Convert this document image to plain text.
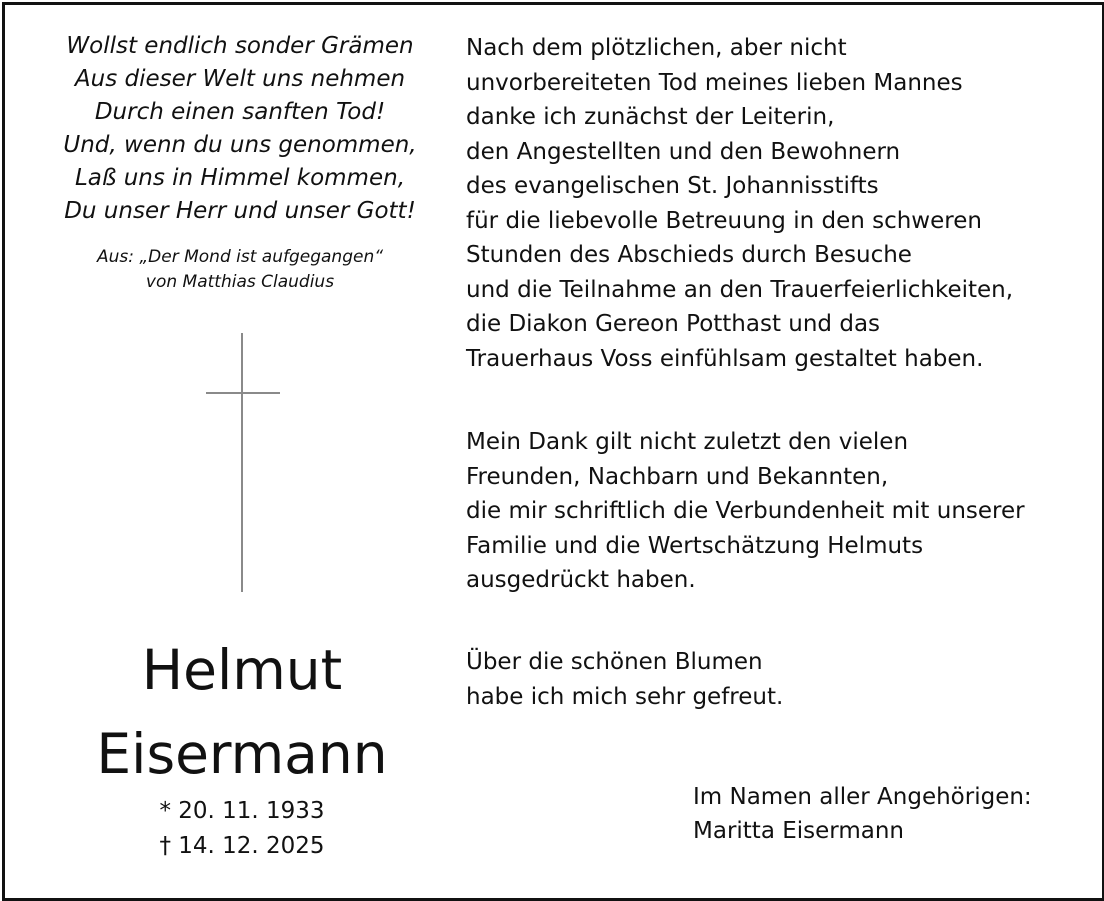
Wollst endlich sonder Grämen
Aus dieser Welt uns nehmen
Durch einen sanften Tod!
Und, wenn du uns genommen,
Laß uns in Himmel kommen,
Du unser Herr und unser Gott!
Aus: „Der Mond ist aufgegangen“
von Matthias Claudius
Helmut
Eisermann
* 20. 11. 1933
† 14. 12. 2025
Nach dem plötzlichen, aber nicht
unvorbereiteten Tod meines lieben Mannes
danke ich zunächst der Leiterin,
den Angestellten und den Bewohnern
des evangelischen St. Johannisstifts
für die liebevolle Betreuung in den schweren
Stunden des Abschieds durch Besuche
und die Teilnahme an den Trauerfeierlichkeiten,
die Diakon Gereon Potthast und das
Trauerhaus Voss einfühlsam gestaltet haben.
Mein Dank gilt nicht zuletzt den vielen
Freunden, Nachbarn und Bekannten,
die mir schriftlich die Verbundenheit mit unserer
Familie und die Wertschätzung Helmuts
ausgedrückt haben.
Über die schönen Blumen
habe ich mich sehr gefreut.
Im Namen aller Angehörigen:
Maritta Eisermann
